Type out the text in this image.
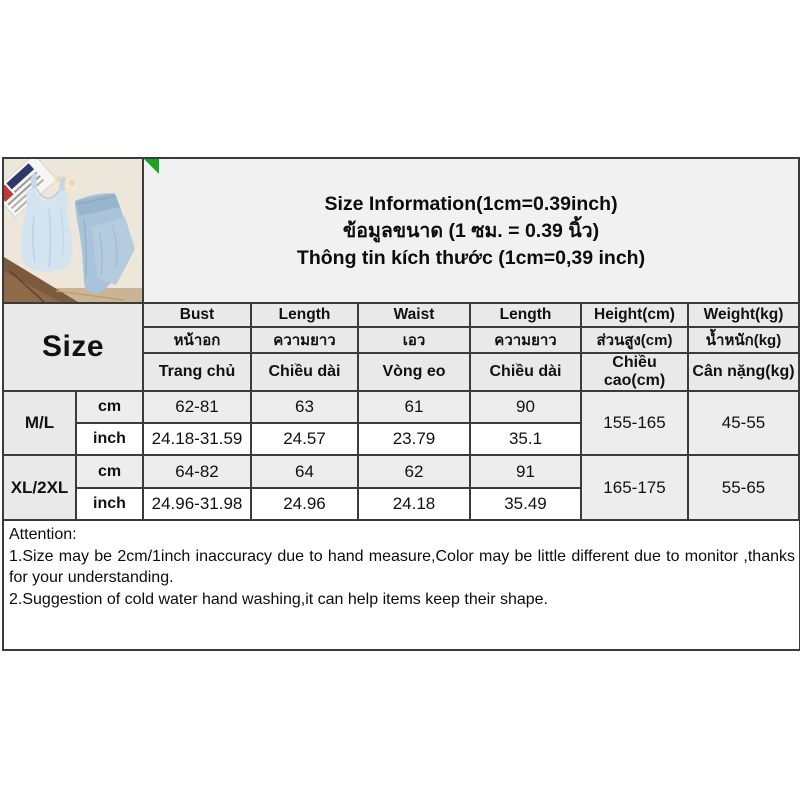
Size Information(1cm=0.39inch)
ข้อมูลขนาด (1 ซม. = 0.39 นิ้ว)
Thông tin kích thước (1cm=0,39 inch)					

Size		Bust	Length	Waist	Length	Height(cm)	Weight(kg)
		หน้าอก	ความยาว	เอว	ความยาว	ส่วนสูง(cm)	น้ำหนัก(kg)
		Trang chủ	Chiều dài	Vòng eo	Chiều dài	Chiều cao(cm)	Cân nặng(kg)
M/L	cm	62-81	63	61	90	155-165	45-55
	inch	24.18-31.59	24.57	23.79	35.1		
XL/2XL	cm	64-82	64	62	91	165-175	55-65
	inch	24.96-31.98	24.96	24.18	35.49		
Attention:
1.Size may be 2cm/1inch inaccuracy due to hand measure,Color may be little different due to monitor ,thanks for your understanding.
2.Suggestion of cold water hand washing,it can help items keep their shape.
